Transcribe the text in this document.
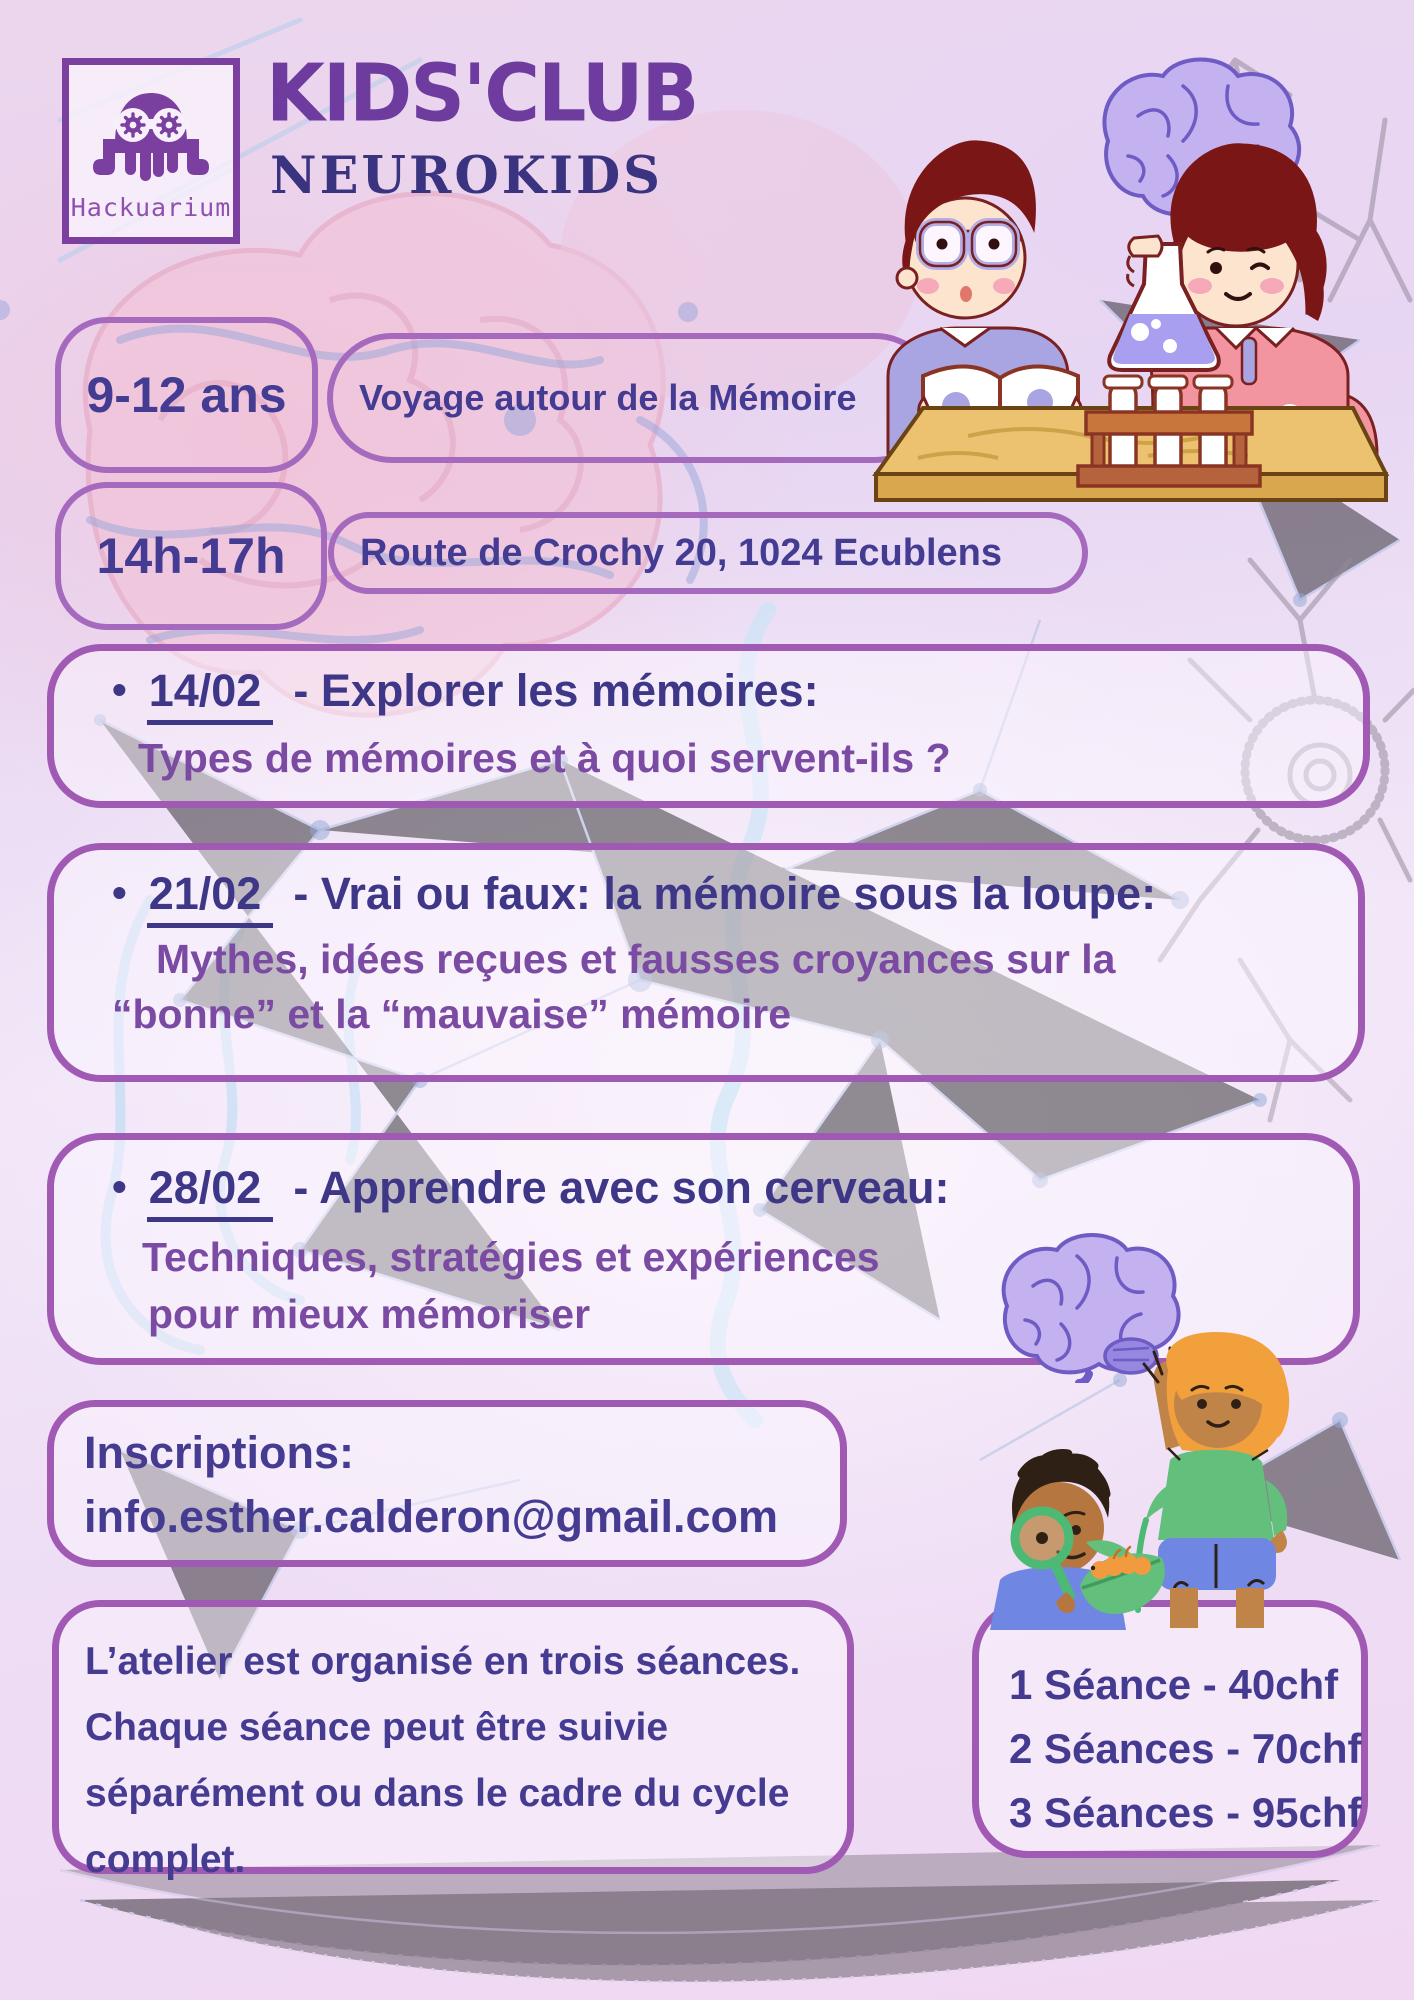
Hackuarium
KIDS'CLUB
NEUROKIDS
9-12 ans Voyage autour de la Mémoire
14h-17h Route de Crochy 20, 1024 Ecublens
• 14/02 - Explorer les mémoires:
Types de mémoires et à quoi servent-ils ?
• 21/02 - Vrai ou faux: la mémoire sous la loupe:
Mythes, idées reçues et fausses croyances sur la
“bonne” et la “mauvaise” mémoire
• 28/02 - Apprendre avec son cerveau:
Techniques, stratégies et expériences
pour mieux mémoriser
Inscriptions:
info.esther.calderon@gmail.com
L’atelier est organisé en trois séances.
Chaque séance peut être suivie
séparément ou dans le cadre du cycle
complet.
1 Séance - 40chf
2 Séances - 70chf
3 Séances - 95chf
